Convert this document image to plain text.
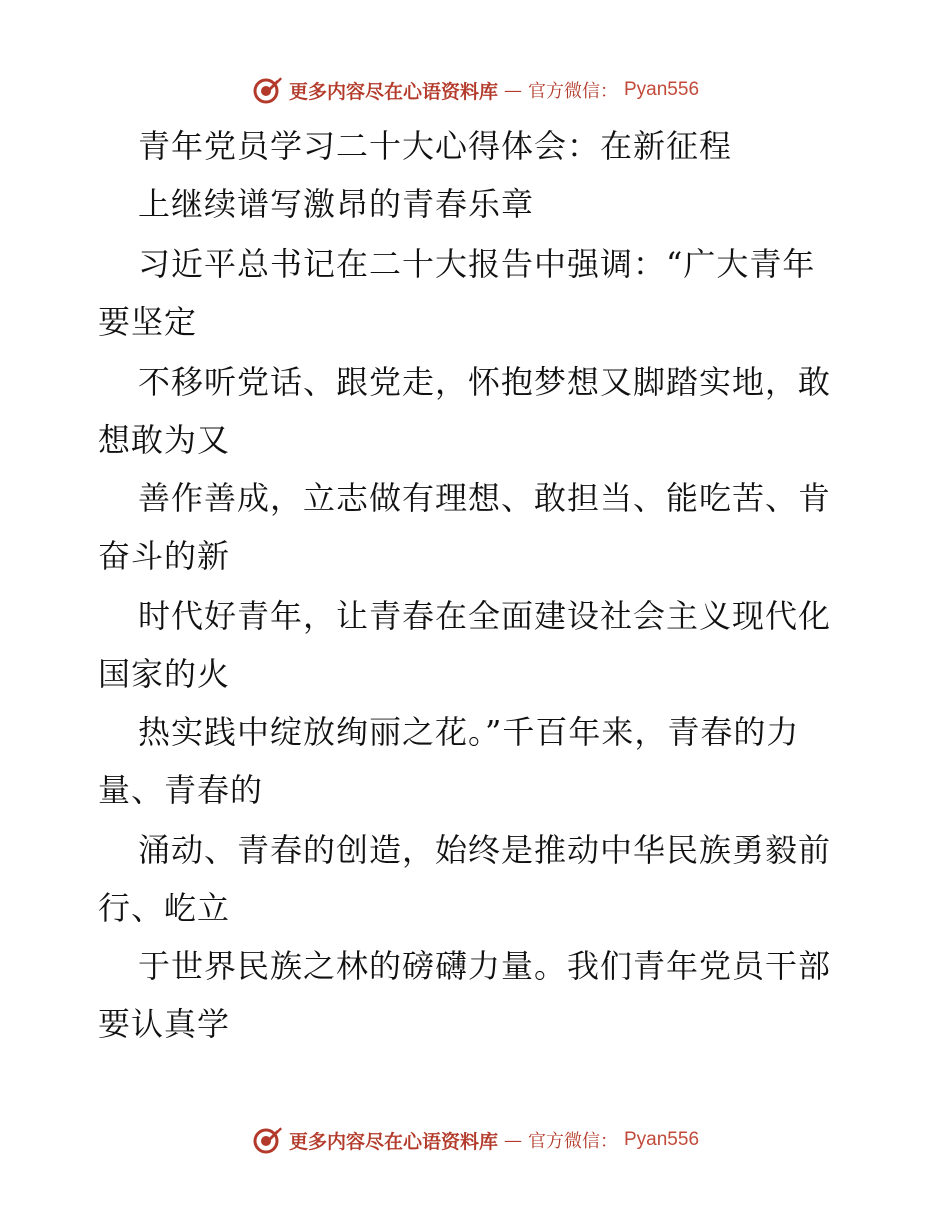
更多内容尽在心语资料库 — 官方微信： Pyan556
青年党员学习二十大心得体会：在新征程
上继续谱写激昂的青春乐章
习近平总书记在二十大报告中强调：“广大青年
要坚定
不移听党话、跟党走，怀抱梦想又脚踏实地，敢
想敢为又
善作善成，立志做有理想、敢担当、能吃苦、肯
奋斗的新
时代好青年，让青春在全面建设社会主义现代化
国家的火
热实践中绽放绚丽之花。”千百年来，青春的力
量、青春的
涌动、青春的创造，始终是推动中华民族勇毅前
行、屹立
于世界民族之林的磅礴力量。我们青年党员干部
要认真学
更多内容尽在心语资料库 — 官方微信： Pyan556
